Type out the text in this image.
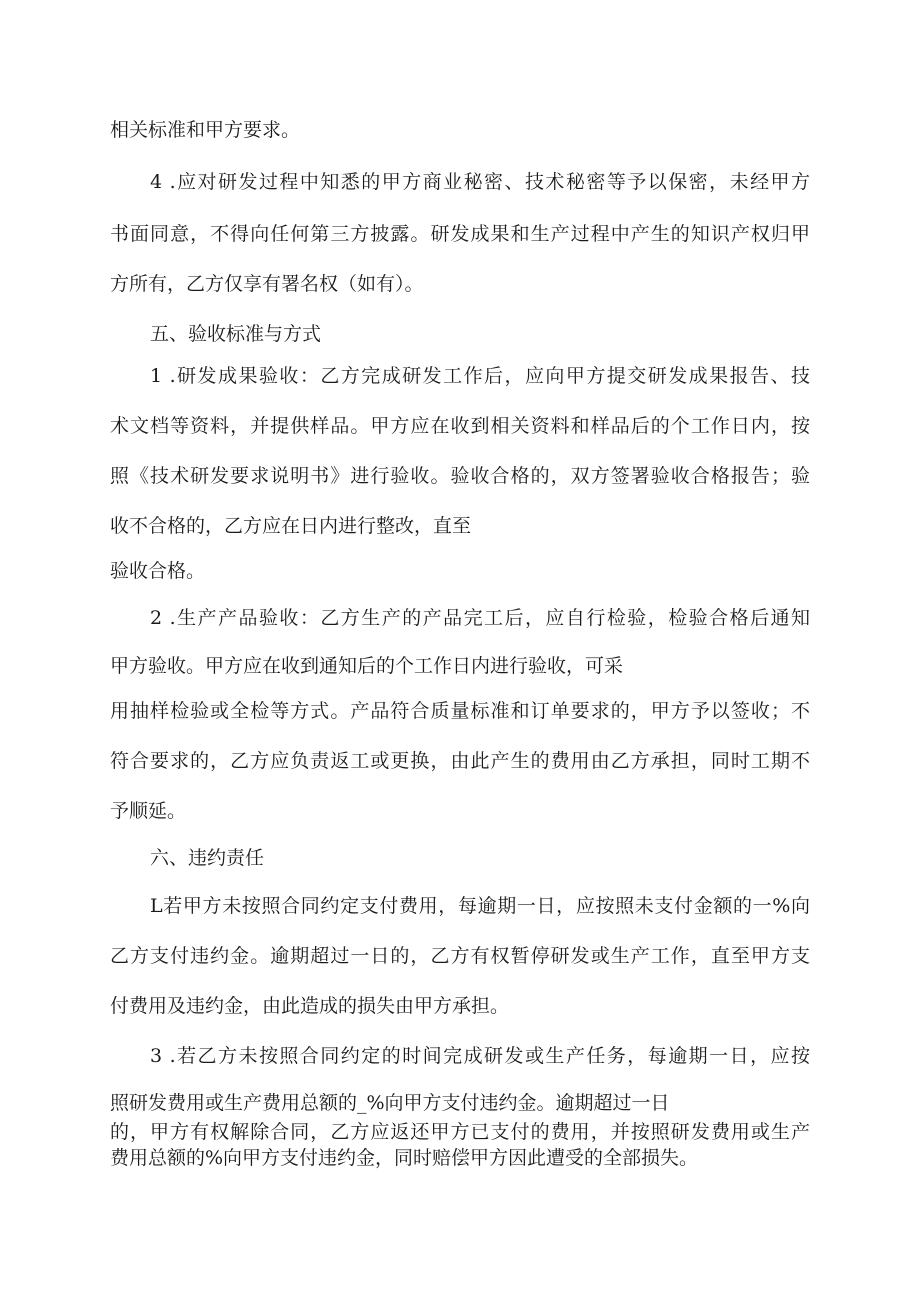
相关标准和甲方要求。

4 .应对研发过程中知悉的甲方商业秘密、技术秘密等予以保密，未经甲方

书面同意，不得向任何第三方披露。研发成果和生产过程中产生的知识产权归甲

方所有，乙方仅享有署名权（如有）。

五、验收标准与方式

1 .研发成果验收：乙方完成研发工作后，应向甲方提交研发成果报告、技

术文档等资料，并提供样品。甲方应在收到相关资料和样品后的个工作日内，按

照《技术研发要求说明书》进行验收。验收合格的，双方签署验收合格报告；验

收不合格的，乙方应在日内进行整改，直至

验收合格。

2 .生产产品验收：乙方生产的产品完工后，应自行检验，检验合格后通知

甲方验收。甲方应在收到通知后的个工作日内进行验收，可采

用抽样检验或全检等方式。产品符合质量标准和订单要求的，甲方予以签收；不

符合要求的，乙方应负责返工或更换，由此产生的费用由乙方承担，同时工期不

予顺延。

六、违约责任

L若甲方未按照合同约定支付费用，每逾期一日，应按照未支付金额的一%向

乙方支付违约金。逾期超过一日的，乙方有权暂停研发或生产工作，直至甲方支

付费用及违约金，由此造成的损失由甲方承担。

3 .若乙方未按照合同约定的时间完成研发或生产任务，每逾期一日，应按

照研发费用或生产费用总额的_%向甲方支付违约金。逾期超过一日

的，甲方有权解除合同，乙方应返还甲方已支付的费用，并按照研发费用或生产

费用总额的%向甲方支付违约金，同时赔偿甲方因此遭受的全部损失。
